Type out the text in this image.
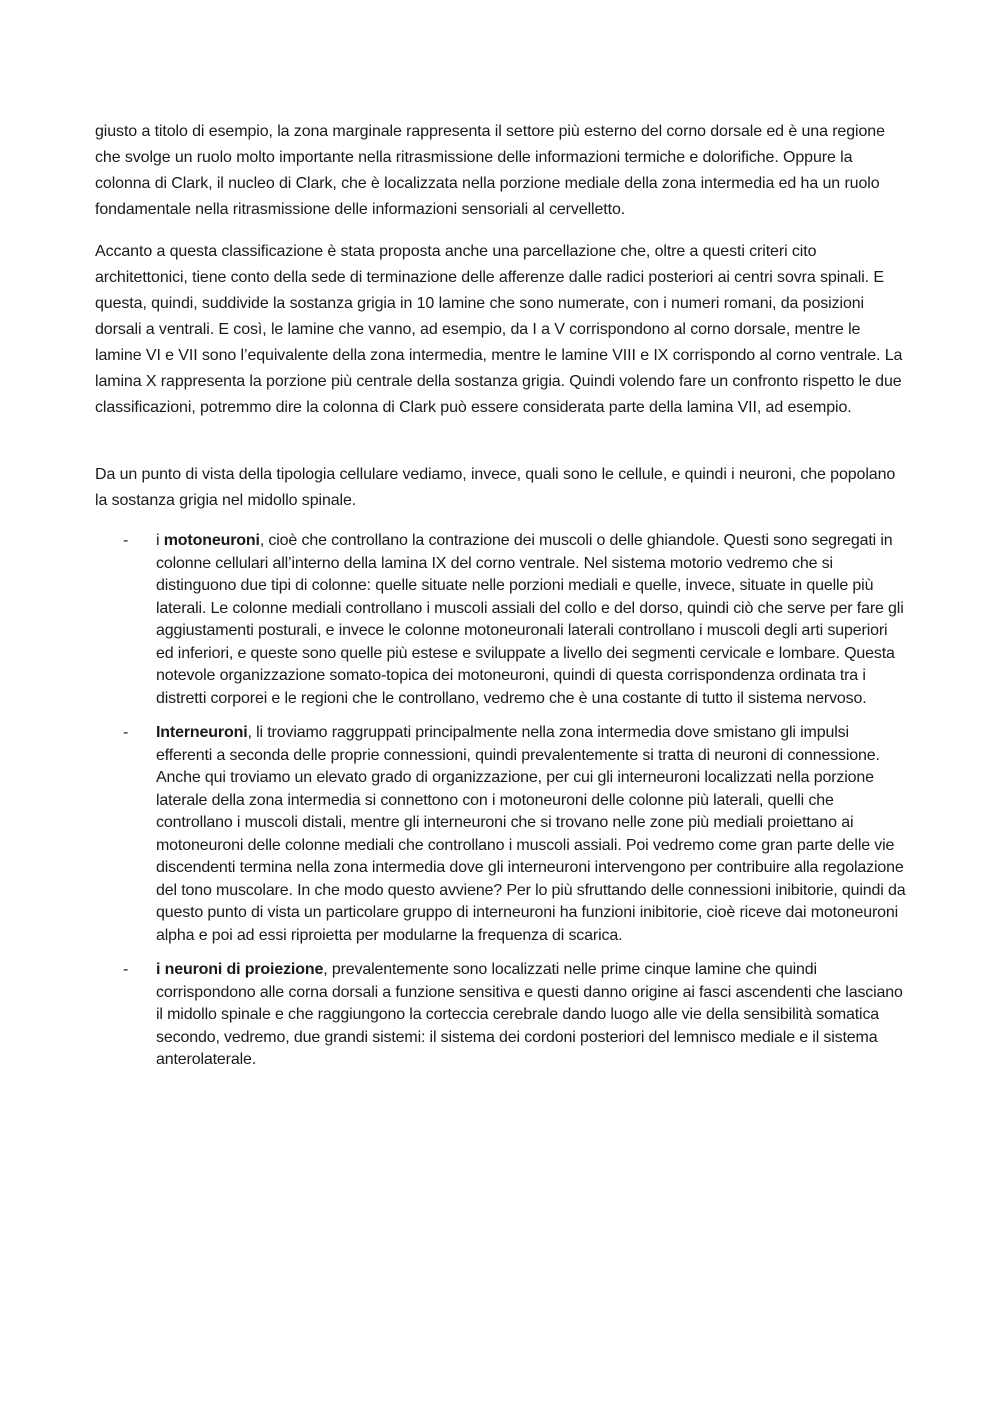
giusto a titolo di esempio, la zona marginale rappresenta il settore più esterno del corno dorsale ed è una regione che svolge un ruolo molto importante nella ritrasmissione delle informazioni termiche e dolorifiche. Oppure la colonna di Clark, il nucleo di Clark, che è localizzata nella porzione mediale della zona intermedia ed ha un ruolo fondamentale nella ritrasmissione delle informazioni sensoriali al cervelletto.

Accanto a questa classificazione è stata proposta anche una parcellazione che, oltre a questi criteri cito architettonici, tiene conto della sede di terminazione delle afferenze dalle radici posteriori ai centri sovra spinali. E questa, quindi, suddivide la sostanza grigia in 10 lamine che sono numerate, con i numeri romani, da posizioni dorsali a ventrali. E così, le lamine che vanno, ad esempio, da I a V corrispondono al corno dorsale, mentre le lamine VI e VII sono l’equivalente della zona intermedia, mentre le lamine VIII e IX corrispondo al corno ventrale. La lamina X rappresenta la porzione più centrale della sostanza grigia. Quindi volendo fare un confronto rispetto le due classificazioni, potremmo dire la colonna di Clark può essere considerata parte della lamina VII, ad esempio.

Da un punto di vista della tipologia cellulare vediamo, invece, quali sono le cellule, e quindi i neuroni, che popolano la sostanza grigia nel midollo spinale.

- i motoneuroni, cioè che controllano la contrazione dei muscoli o delle ghiandole. Questi sono segregati in colonne cellulari all’interno della lamina IX del corno ventrale. Nel sistema motorio vedremo che si distinguono due tipi di colonne: quelle situate nelle porzioni mediali e quelle, invece, situate in quelle più laterali. Le colonne mediali controllano i muscoli assiali del collo e del dorso, quindi ciò che serve per fare gli aggiustamenti posturali, e invece le colonne motoneuronali laterali controllano i muscoli degli arti superiori ed inferiori, e queste sono quelle più estese e sviluppate a livello dei segmenti cervicale e lombare. Questa notevole organizzazione somato-topica dei motoneuroni, quindi di questa corrispondenza ordinata tra i distretti corporei e le regioni che le controllano, vedremo che è una costante di tutto il sistema nervoso.
- Interneuroni, li troviamo raggruppati principalmente nella zona intermedia dove smistano gli impulsi efferenti a seconda delle proprie connessioni, quindi prevalentemente si tratta di neuroni di connessione. Anche qui troviamo un elevato grado di organizzazione, per cui gli interneuroni localizzati nella porzione laterale della zona intermedia si connettono con i motoneuroni delle colonne più laterali, quelli che controllano i muscoli distali, mentre gli interneuroni che si trovano nelle zone più mediali proiettano ai motoneuroni delle colonne mediali che controllano i muscoli assiali. Poi vedremo come gran parte delle vie discendenti termina nella zona intermedia dove gli interneuroni intervengono per contribuire alla regolazione del tono muscolare. In che modo questo avviene? Per lo più sfruttando delle connessioni inibitorie, quindi da questo punto di vista un particolare gruppo di interneuroni ha funzioni inibitorie, cioè riceve dai motoneuroni alpha e poi ad essi riproietta per modularne la frequenza di scarica.
- i neuroni di proiezione, prevalentemente sono localizzati nelle prime cinque lamine che quindi corrispondono alle corna dorsali a funzione sensitiva e questi danno origine ai fasci ascendenti che lasciano il midollo spinale e che raggiungono la corteccia cerebrale dando luogo alle vie della sensibilità somatica secondo, vedremo, due grandi sistemi: il sistema dei cordoni posteriori del lemnisco mediale e il sistema anterolaterale.
